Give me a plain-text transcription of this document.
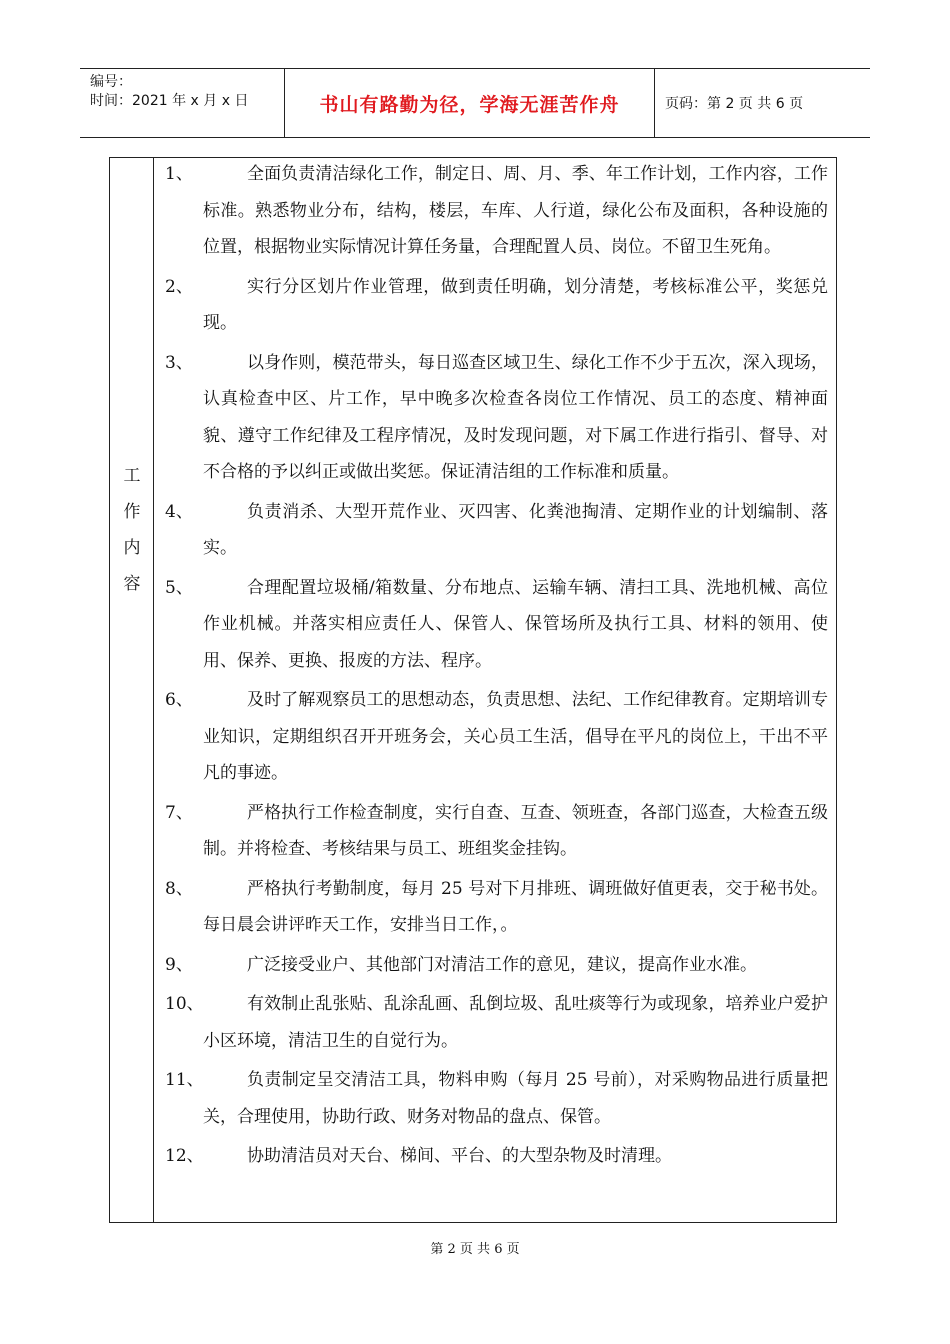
编号：
时间：2021 年 x 月 x 日	书山有路勤为径，学海无涯苦作舟	页码：第 2 页 共 6 页
工
作
内
容
1、	全面负责清洁绿化工作，制定日、周、月、季、年工作计划，工作内容，工作标准。熟悉物业分布，结构，楼层，车库、人行道，绿化公布及面积，各种设施的位置，根据物业实际情况计算任务量，合理配置人员、岗位。不留卫生死角。
2、	实行分区划片作业管理，做到责任明确，划分清楚，考核标准公平，奖惩兑现。
3、	以身作则，模范带头，每日巡查区域卫生、绿化工作不少于五次，深入现场，认真检查中区、片工作，早中晚多次检查各岗位工作情况、员工的态度、精神面貌、遵守工作纪律及工程序情况，及时发现问题，对下属工作进行指引、督导、对不合格的予以纠正或做出奖惩。保证清洁组的工作标准和质量。
4、	负责消杀、大型开荒作业、灭四害、化粪池掏清、定期作业的计划编制、落实。
5、	合理配置垃圾桶/箱数量、分布地点、运输车辆、清扫工具、洗地机械、高位作业机械。并落实相应责任人、保管人、保管场所及执行工具、材料的领用、使用、保养、更换、报废的方法、程序。
6、	及时了解观察员工的思想动态，负责思想、法纪、工作纪律教育。定期培训专业知识，定期组织召开开班务会，关心员工生活，倡导在平凡的岗位上，干出不平凡的事迹。
7、	严格执行工作检查制度，实行自查、互查、领班查，各部门巡查，大检查五级制。并将检查、考核结果与员工、班组奖金挂钩。
8、	严格执行考勤制度，每月 25 号对下月排班、调班做好值更表，交于秘书处。每日晨会讲评昨天工作，安排当日工作，。
9、	广泛接受业户、其他部门对清洁工作的意见，建议，提高作业水准。
10、	有效制止乱张贴、乱涂乱画、乱倒垃圾、乱吐痰等行为或现象，培养业户爱护小区环境，清洁卫生的自觉行为。
11、	负责制定呈交清洁工具，物料申购（每月 25 号前），对采购物品进行质量把关，合理使用，协助行政、财务对物品的盘点、保管。
12、	协助清洁员对天台、梯间、平台、的大型杂物及时清理。
第 2 页 共 6 页
